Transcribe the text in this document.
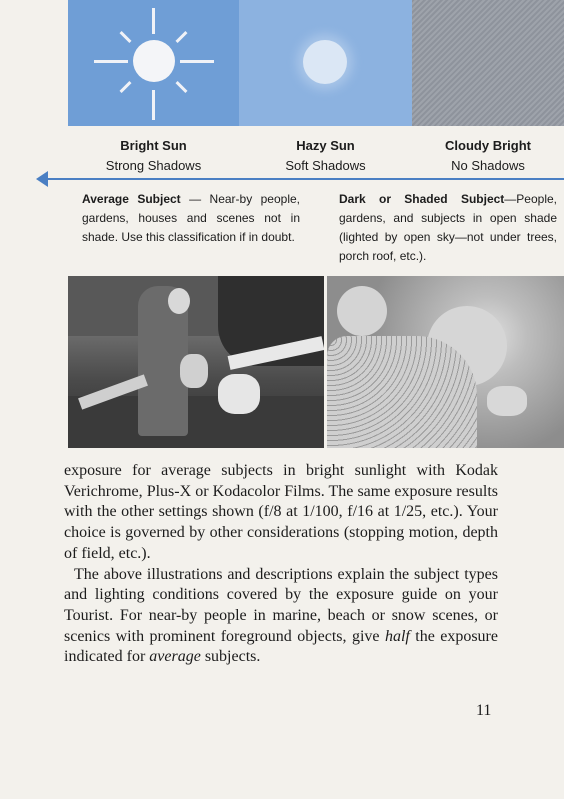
Bright Sun
Strong Shadows
Hazy Sun
Soft Shadows
Cloudy Bright
No Shadows
Average Subject — Near-by people, gardens, houses and scenes not in shade. Use this classification if in doubt.
Dark or Shaded Subject—People, gardens, and subjects in open shade (lighted by open sky—not under trees, porch roof, etc.).

exposure for average subjects in bright sunlight with Kodak Verichrome, Plus-X or Kodacolor Films. The same exposure results with the other settings shown (f/8 at 1/100, f/16 at 1/25, etc.). Your choice is governed by other considerations (stopping motion, depth of field, etc.).

The above illustrations and descriptions explain the subject types and lighting conditions covered by the exposure guide on your Tourist. For near-by people in marine, beach or snow scenes, or scenics with prominent foreground objects, give half the exposure indicated for average subjects.

11
